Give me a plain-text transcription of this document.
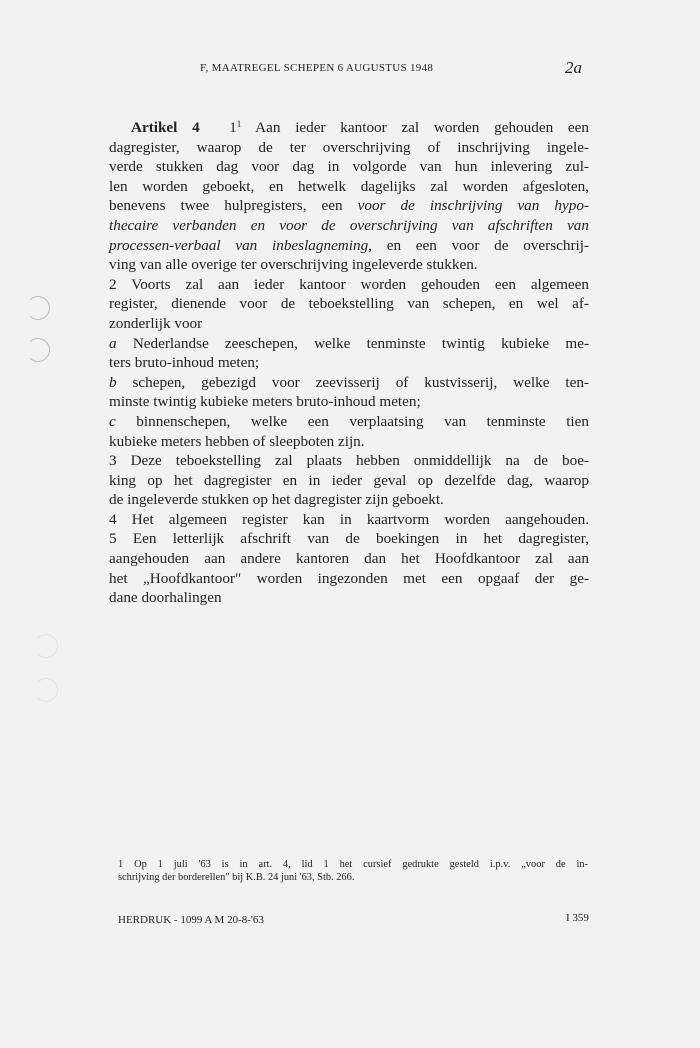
F, MAATREGEL SCHEPEN 6 AUGUSTUS 1948	2a
Artikel 4 $1^1$ Aan ieder kantoor zal worden gehouden een
dagregister, waarop de ter overschrijving of inschrijving ingele-
verde stukken dag voor dag in volgorde van hun inlevering zul-
len worden geboekt, en hetwelk dagelijks zal worden afgesloten,
benevens twee hulpregisters, een voor de inschrijving van hypo-
thecaire verbanden en voor de overschrijving van afschriften van
processen-verbaal van inbeslagneming, en een voor de overschrij-
ving van alle overige ter overschrijving ingeleverde stukken.
2 Voorts zal aan ieder kantoor worden gehouden een algemeen
register, dienende voor de teboekstelling van schepen, en wel af-
zonderlijk voor
a Nederlandse zeeschepen, welke tenminste twintig kubieke me-
ters bruto-inhoud meten;
b schepen, gebezigd voor zeevisserij of kustvisserij, welke ten-
minste twintig kubieke meters bruto-inhoud meten;
c binnenschepen, welke een verplaatsing van tenminste tien
kubieke meters hebben of sleepboten zijn.
3 Deze teboekstelling zal plaats hebben onmiddellijk na de boe-
king op het dagregister en in ieder geval op dezelfde dag, waarop
de ingeleverde stukken op het dagregister zijn geboekt.
4 Het algemeen register kan in kaartvorm worden aangehouden.
5 Een letterlijk afschrift van de boekingen in het dagregister,
aangehouden aan andere kantoren dan het Hoofdkantoor zal aan
het „Hoofdkantoor" worden ingezonden met een opgaaf der ge-
dane doorhalingen
1 Op 1 juli '63 is in art. 4, lid 1 het cursief gedrukte gesteld i.p.v. „voor de in-
schrijving der borderellen" bij K.B. 24 juni '63, Stb. 266.
HERDRUK - 1099 A M 20-8-'63	I 359
